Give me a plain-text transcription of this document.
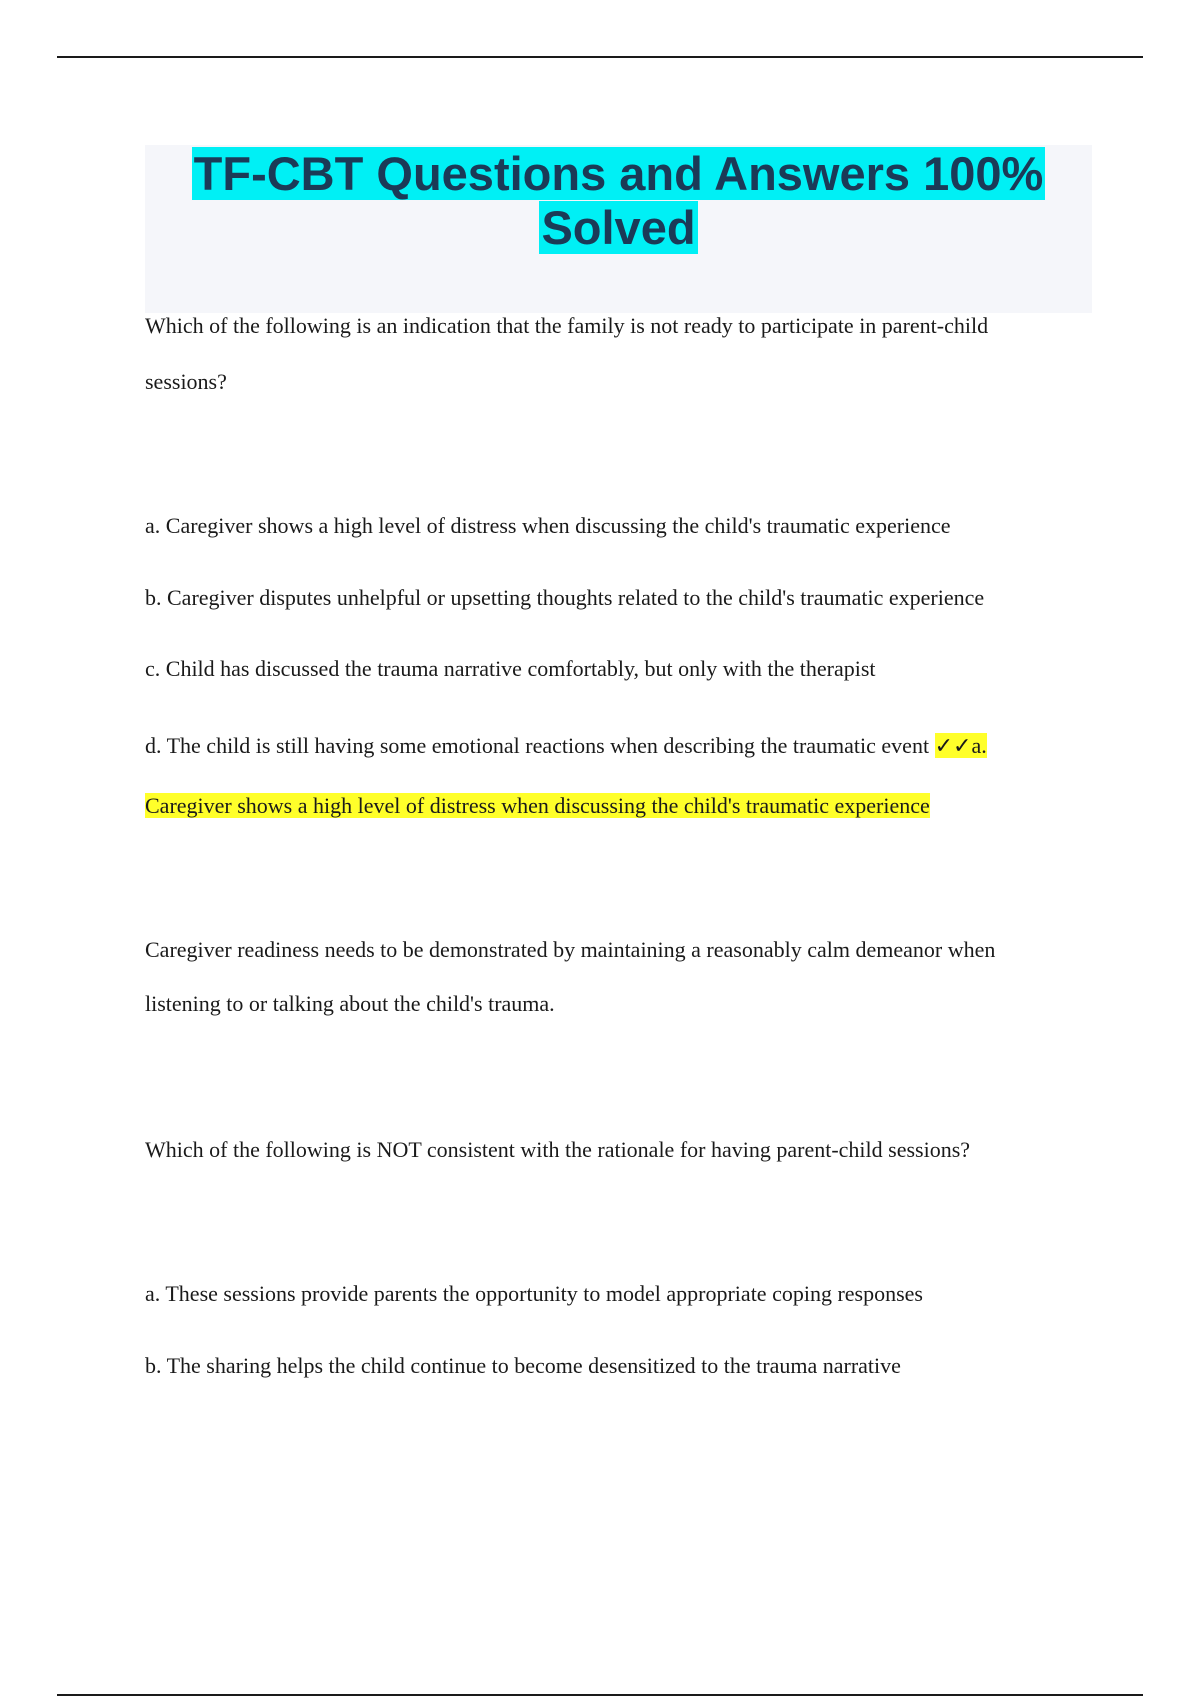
TF-CBT Questions and Answers 100%
Solved

Which of the following is an indication that the family is not ready to participate in parent-child

sessions?

a. Caregiver shows a high level of distress when discussing the child's traumatic experience

b. Caregiver disputes unhelpful or upsetting thoughts related to the child's traumatic experience

c. Child has discussed the trauma narrative comfortably, but only with the therapist

d. The child is still having some emotional reactions when describing the traumatic event ✓✓a.

Caregiver shows a high level of distress when discussing the child's traumatic experience

Caregiver readiness needs to be demonstrated by maintaining a reasonably calm demeanor when

listening to or talking about the child's trauma.

Which of the following is NOT consistent with the rationale for having parent-child sessions?

a. These sessions provide parents the opportunity to model appropriate coping responses

b. The sharing helps the child continue to become desensitized to the trauma narrative
